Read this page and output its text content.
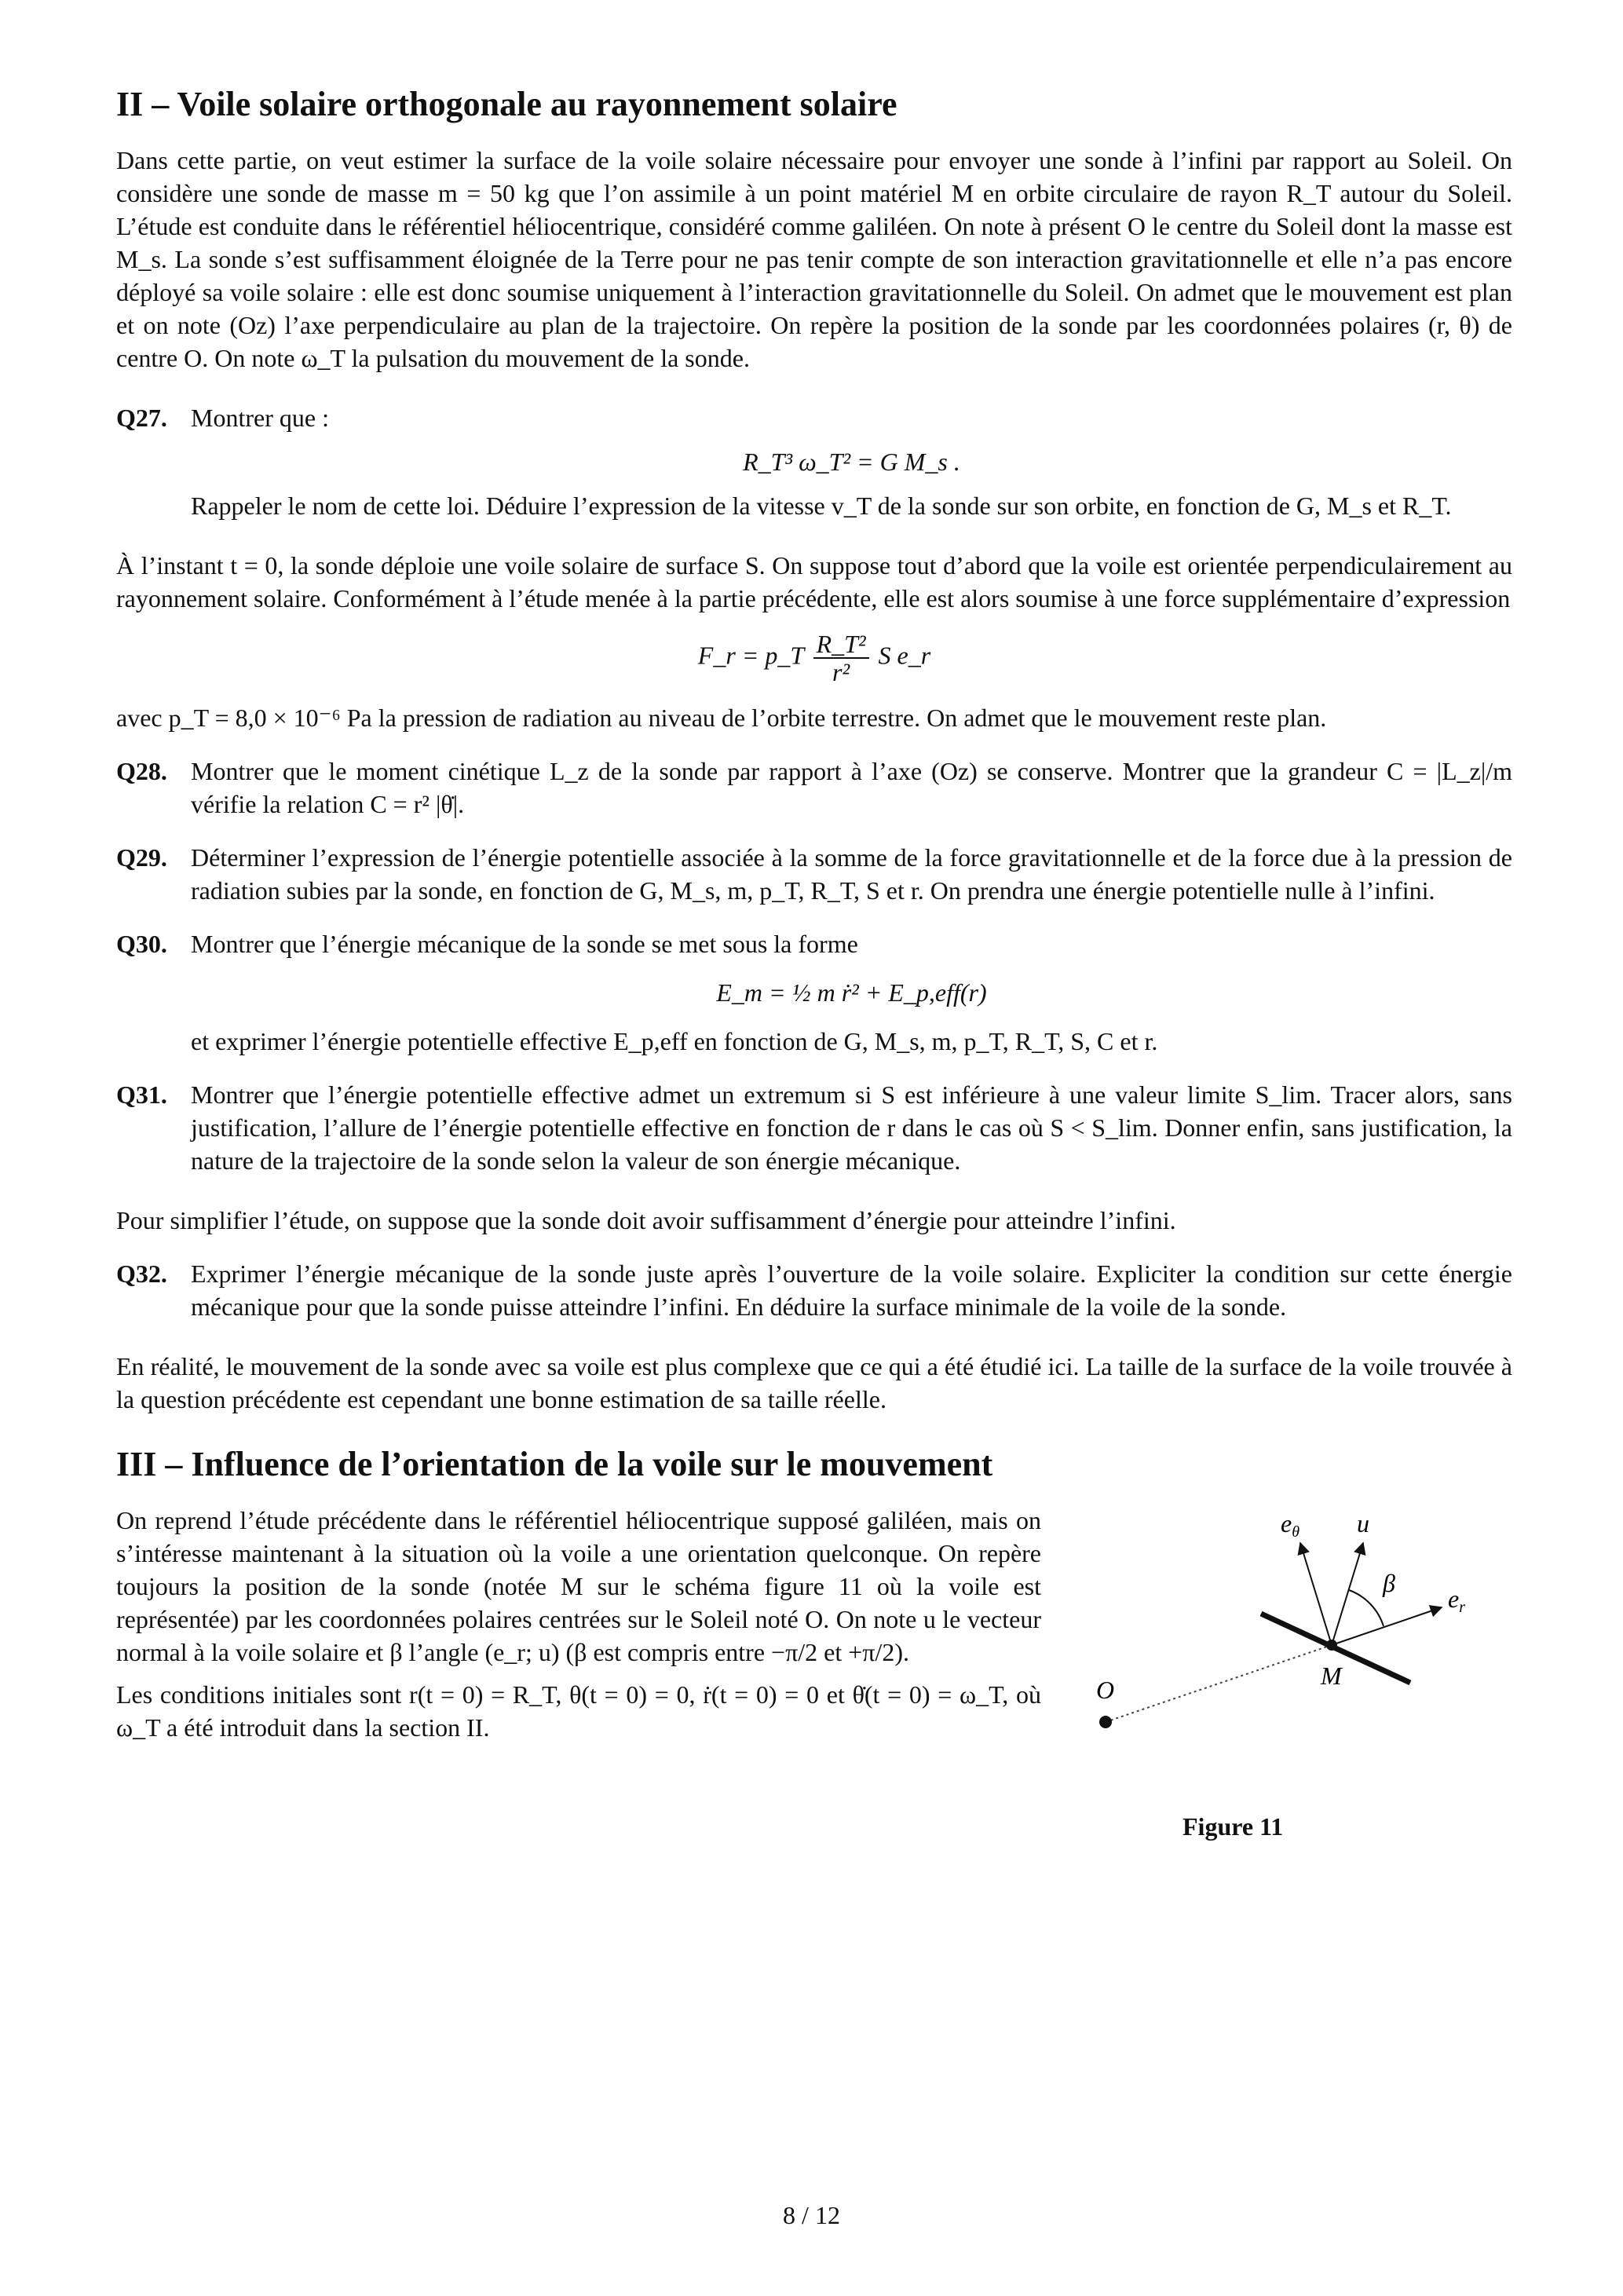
II – Voile solaire orthogonale au rayonnement solaire

Dans cette partie, on veut estimer la surface de la voile solaire nécessaire pour envoyer une sonde à l’infini par rapport au Soleil. On considère une sonde de masse m = 50 kg que l’on assimile à un point matériel M en orbite circulaire de rayon R_T autour du Soleil. L’étude est conduite dans le référentiel héliocentrique, considéré comme galiléen. On note à présent O le centre du Soleil dont la masse est M_s. La sonde s’est suffisamment éloignée de la Terre pour ne pas tenir compte de son interaction gravitationnelle et elle n’a pas encore déployé sa voile solaire : elle est donc soumise uniquement à l’interaction gravitationnelle du Soleil. On admet que le mouvement est plan et on note (Oz) l’axe perpendiculaire au plan de la trajectoire. On repère la position de la sonde par les coordonnées polaires (r, θ) de centre O. On note ω_T la pulsation du mouvement de la sonde.

Q27. Montrer que :
R_T³ ω_T² = G M_s .
Rappeler le nom de cette loi. Déduire l’expression de la vitesse v_T de la sonde sur son orbite, en fonction de G, M_s et R_T.

À l’instant t = 0, la sonde déploie une voile solaire de surface S. On suppose tout d’abord que la voile est orientée perpendiculairement au rayonnement solaire. Conformément à l’étude menée à la partie précédente, elle est alors soumise à une force supplémentaire d’expression

F_r = p_T $\frac{\text{R\_T²}}{\text{r²}}$ S e_r

avec p_T = 8,0 × 10⁻⁶ Pa la pression de radiation au niveau de l’orbite terrestre. On admet que le mouvement reste plan.

Q28. Montrer que le moment cinétique L_z de la sonde par rapport à l’axe (Oz) se conserve. Montrer que la grandeur C = |L_z|/m vérifie la relation C = r² |θ̇|.
Q29. Déterminer l’expression de l’énergie potentielle associée à la somme de la force gravitationnelle et de la force due à la pression de radiation subies par la sonde, en fonction de G, M_s, m, p_T, R_T, S et r. On prendra une énergie potentielle nulle à l’infini.
Q30. Montrer que l’énergie mécanique de la sonde se met sous la forme
E_m = ½ m ṙ² + E_p,eff(r)
et exprimer l’énergie potentielle effective E_p,eff en fonction de G, M_s, m, p_T, R_T, S, C et r.
Q31. Montrer que l’énergie potentielle effective admet un extremum si S est inférieure à une valeur limite S_lim. Tracer alors, sans justification, l’allure de l’énergie potentielle effective en fonction de r dans le cas où S < S_lim. Donner enfin, sans justification, la nature de la trajectoire de la sonde selon la valeur de son énergie mécanique.

Pour simplifier l’étude, on suppose que la sonde doit avoir suffisamment d’énergie pour atteindre l’infini.

Q32. Exprimer l’énergie mécanique de la sonde juste après l’ouverture de la voile solaire. Expliciter la condition sur cette énergie mécanique pour que la sonde puisse atteindre l’infini. En déduire la surface minimale de la voile de la sonde.

En réalité, le mouvement de la sonde avec sa voile est plus complexe que ce qui a été étudié ici. La taille de la surface de la voile trouvée à la question précédente est cependant une bonne estimation de sa taille réelle.

III – Influence de l’orientation de la voile sur le mouvement

On reprend l’étude précédente dans le référentiel héliocentrique supposé galiléen, mais on s’intéresse maintenant à la situation où la voile a une orientation quelconque. On repère toujours la position de la sonde (notée M sur le schéma figure 11 où la voile est représentée) par les coordonnées polaires centrées sur le Soleil noté O. On note u le vecteur normal à la voile solaire et β l’angle (e_r; u) (β est compris entre −π/2 et +π/2).

Les conditions initiales sont r(t = 0) = R_T, θ(t = 0) = 0, ṙ(t = 0) = 0 et θ̇(t = 0) = ω_T, où ω_T a été introduit dans la section II.

O	M
eθ u
er
β
Figure 11
8 / 12
